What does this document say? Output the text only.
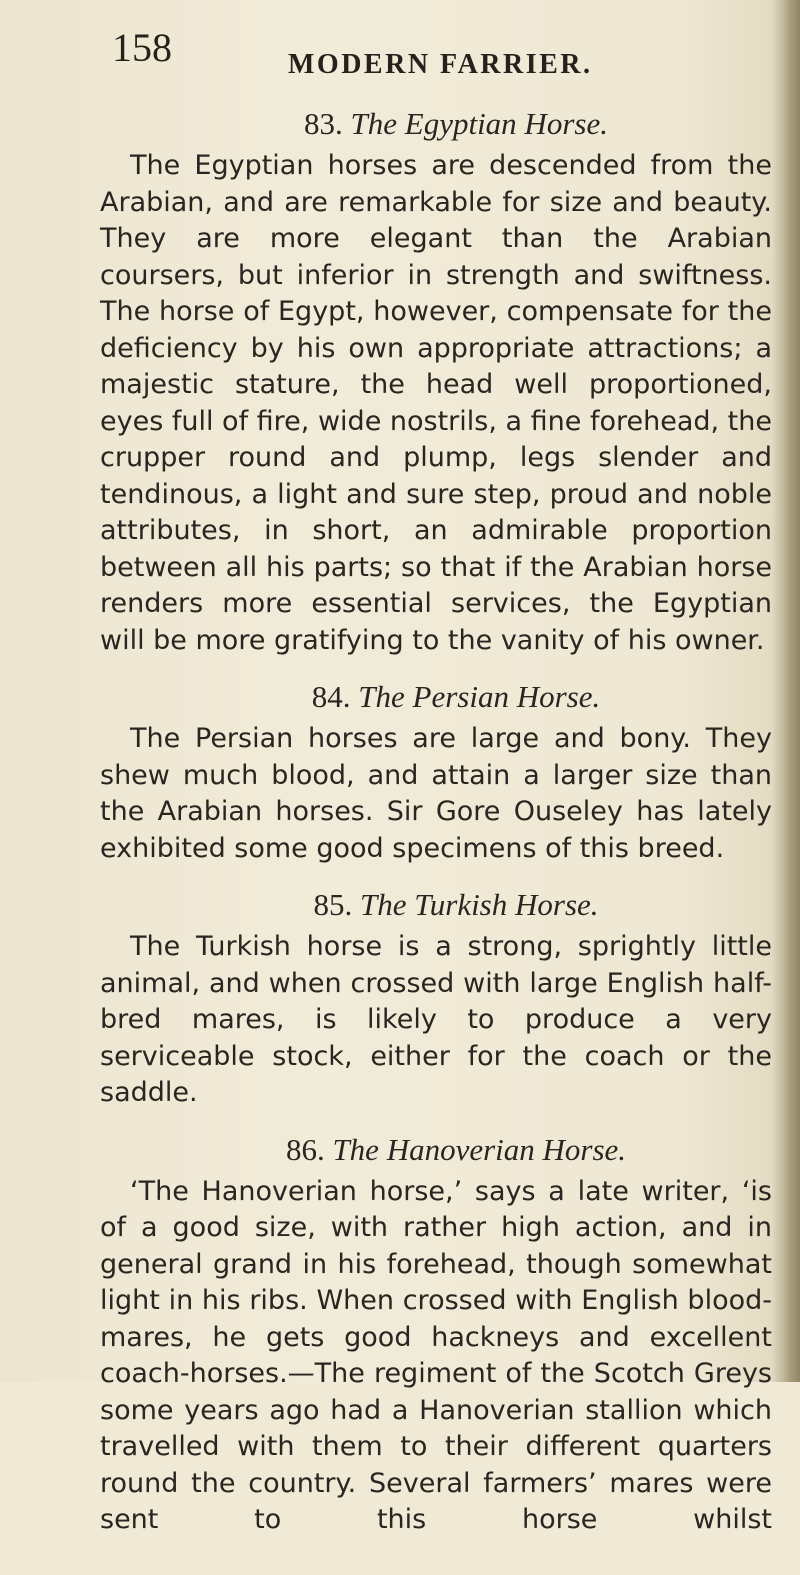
158	MODERN FARRIER.
83. The Egyptian Horse.

The Egyptian horses are descended from the Arabian, and are remarkable for size and beauty. They are more elegant than the Arabian coursers, but inferior in strength and swiftness. The horse of Egypt, however, compensate for the deficiency by his own appropriate attractions; a majestic stature, the head well proportioned, eyes full of fire, wide nostrils, a fine forehead, the crupper round and plump, legs slender and tendinous, a light and sure step, proud and noble attributes, in short, an admirable proportion between all his parts; so that if the Arabian horse renders more essential services, the Egyptian will be more gratifying to the vanity of his owner.

84. The Persian Horse.

The Persian horses are large and bony. They shew much blood, and attain a larger size than the Arabian horses. Sir Gore Ouseley has lately exhibited some good specimens of this breed.

85. The Turkish Horse.

The Turkish horse is a strong, sprightly little animal, and when crossed with large English half-bred mares, is likely to produce a very serviceable stock, either for the coach or the saddle.

86. The Hanoverian Horse.

‘The Hanoverian horse,’ says a late writer, ‘is of a good size, with rather high action, and in general grand in his forehead, though somewhat light in his ribs. When crossed with English blood-mares, he gets good hackneys and excellent coach-horses.—The regiment of the Scotch Greys some years ago had a Hanoverian stallion which travelled with them to their different quarters round the country. Several farmers’ mares were sent to this horse whilst
